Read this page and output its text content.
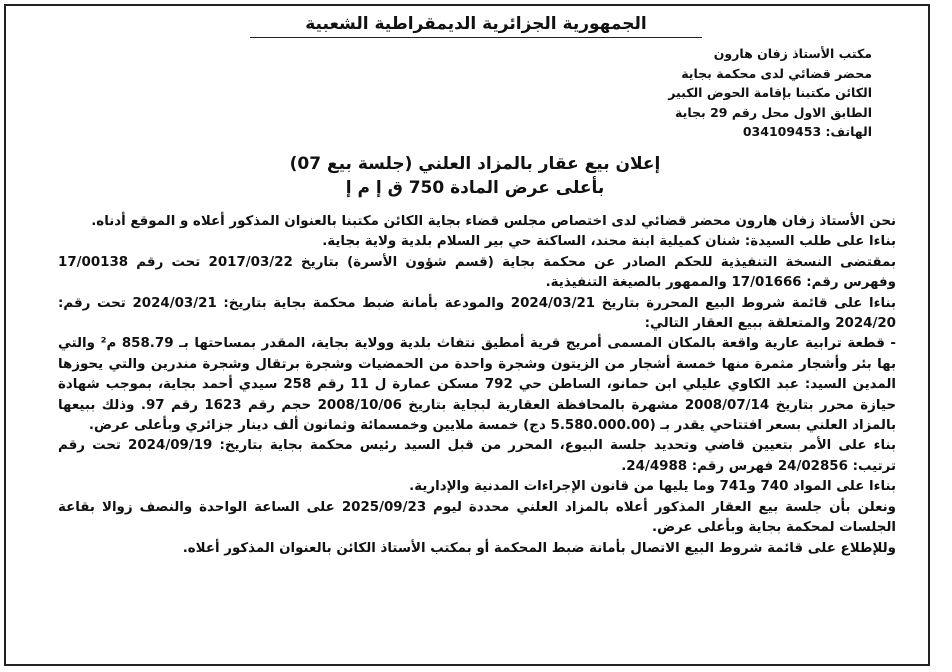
الجمهورية الجزائرية الديمقراطية الشعبية
مكتب الأستاذ زفان هارون
محضر قضائي لدى محكمة بجاية
الكائن مكتبنا بإقامة الحوض الكبير
الطابق الاول محل رقم 29 بجاية
الهاتف: 034109453
إعلان بيع عقار بالمزاد العلني (جلسة بيع 07)
بأعلى عرض المادة 750 ق إ م إ

نحن الأستاذ زفان هارون محضر قضائي لدى اختصاص مجلس قضاء بجاية الكائن مكتبنا بالعنوان المذكور أعلاه و الموقع أدناه.

بناءا على طلب السيدة: شنان كميلية ابنة محند، الساكنة حي بير السلام بلدية ولاية بجاية.

بمقتضى النسخة التنفيذية للحكم الصادر عن محكمة بجاية (قسم شؤون الأسرة) بتاريخ 2017/03/22 تحت رقم 17/00138 وفهرس رقم: 17/01666 والممهور بالصيغة التنفيذية.

بناءا على قائمة شروط البيع المحررة بتاريخ 2024/03/21 والمودعة بأمانة ضبط محكمة بجاية بتاريخ: 2024/03/21 تحت رقم: 2024/20 والمتعلقة ببيع العقار التالي:

- قطعة ترابية عارية واقعة بالمكان المسمى أمريج قرية أمطيق نتفاث بلدية وولاية بجاية، المقدر بمساحتها بـ 858.79 م² والتي بها بئر وأشجار مثمرة منها خمسة أشجار من الزيتون وشجرة واحدة من الحمضيات وشجرة برتقال وشجرة مندرين والتي يحوزها المدين السيد: عبد الكاوي عليلي ابن حمانو، الساطن حي 792 مسكن عمارة ل 11 رقم 258 سيدي أحمد بجاية، بموجب شهادة حيازة محرر بتاريخ 2008/07/14 مشهرة بالمحافظة العقارية لبجاية بتاريخ 2008/10/06 حجم رقم 1623 رقم 97. وذلك ببيعها بالمزاد العلني بسعر افتتاحي يقدر بـ (5.580.000.00 دج) خمسة ملايين وخمسمائة وثمانون ألف دينار جزائري وبأعلى عرض.

بناء على الأمر بتعيين قاضي وتحديد جلسة البيوع، المحرر من قبل السيد رئيس محكمة بجاية بتاريخ: 2024/09/19 تحت رقم ترتيب: 24/02856 فهرس رقم: 24/4988.

بناءا على المواد 740 و741 وما يليها من قانون الإجراءات المدنية والإدارية.

ونعلن بأن جلسة بيع العقار المذكور أعلاه بالمزاد العلني محددة ليوم 2025/09/23 على الساعة الواحدة والنصف زوالا بقاعة الجلسات لمحكمة بجاية وبأعلى عرض.

وللإطلاع على قائمة شروط البيع الاتصال بأمانة ضبط المحكمة أو بمكتب الأستاذ الكائن بالعنوان المذكور أعلاه.
